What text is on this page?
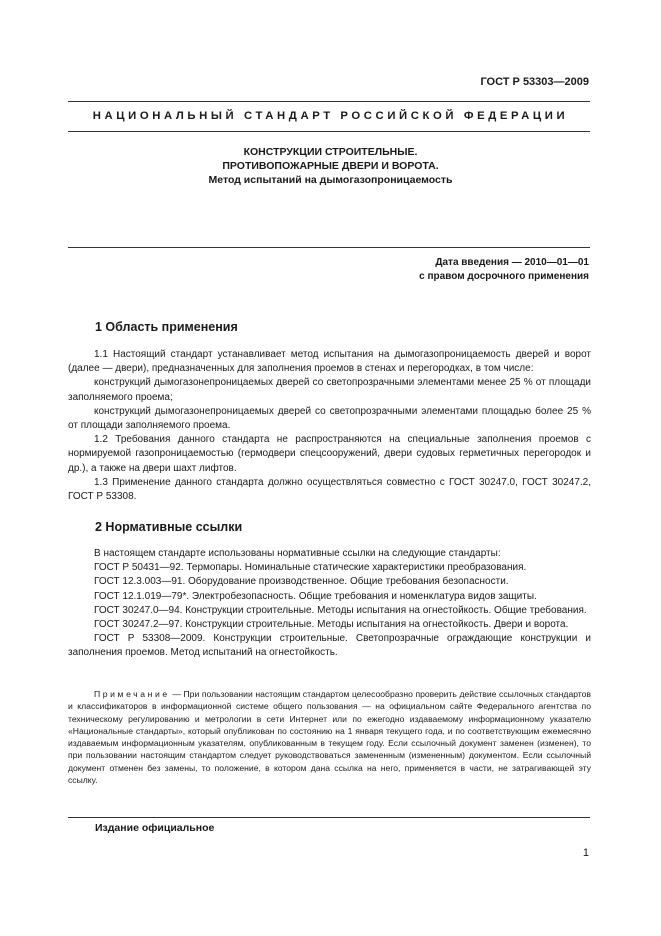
ГОСТ Р 53303—2009
НАЦИОНАЛЬНЫЙ СТАНДАРТ РОССИЙСКОЙ ФЕДЕРАЦИИ
КОНСТРУКЦИИ СТРОИТЕЛЬНЫЕ.
ПРОТИВОПОЖАРНЫЕ ДВЕРИ И ВОРОТА.
Метод испытаний на дымогазопроницаемость
Дата введения — 2010—01—01
с правом досрочного применения
1 Область применения

1.1 Настоящий стандарт устанавливает метод испытания на дымогазопроницаемость дверей и ворот (далее — двери), предназначенных для заполнения проемов в стенах и перегородках, в том числе:

конструкций дымогазонепроницаемых дверей со светопрозрачными элементами менее 25 % от площади заполняемого проема;

конструкций дымогазонепроницаемых дверей со светопрозрачными элементами площадью более 25 % от площади заполняемого проема.

1.2 Требования данного стандарта не распространяются на специальные заполнения проемов с нормируемой газопроницаемостью (гермодвери спецсооружений, двери судовых герметичных перегородок и др.), а также на двери шахт лифтов.

1.3 Применение данного стандарта должно осуществляться совместно с ГОСТ 30247.0, ГОСТ 30247.2, ГОСТ Р 53308.

2 Нормативные ссылки

В настоящем стандарте использованы нормативные ссылки на следующие стандарты:

ГОСТ Р 50431—92. Термопары. Номинальные статические характеристики преобразования.

ГОСТ 12.3.003—91. Оборудование производственное. Общие требования безопасности.

ГОСТ 12.1.019—79*. Электробезопасность. Общие требования и номенклатура видов защиты.

ГОСТ 30247.0—94. Конструкции строительные. Методы испытания на огнестойкость. Общие требования.

ГОСТ 30247.2—97. Конструкции строительные. Методы испытания на огнестойкость. Двери и ворота.

ГОСТ Р 53308—2009. Конструкции строительные. Светопрозрачные ограждающие конструкции и заполнения проемов. Метод испытаний на огнестойкость.

Примечание — При пользовании настоящим стандартом целесообразно проверить действие ссылочных стандартов и классификаторов в информационной системе общего пользования — на официальном сайте Федерального агентства по техническому регулированию и метрологии в сети Интернет или по ежегодно издаваемому информационному указателю «Национальные стандарты», который опубликован по состоянию на 1 января текущего года, и по соответствующим ежемесячно издаваемым информационным указателям, опубликованным в текущем году. Если ссылочный документ заменен (изменен), то при пользовании настоящим стандартом следует руководствоваться замененным (измененным) документом. Если ссылочный документ отменен без замены, то положение, в котором дана ссылка на него, применяется в части, не затрагивающей эту ссылку.

Издание официальное
1
